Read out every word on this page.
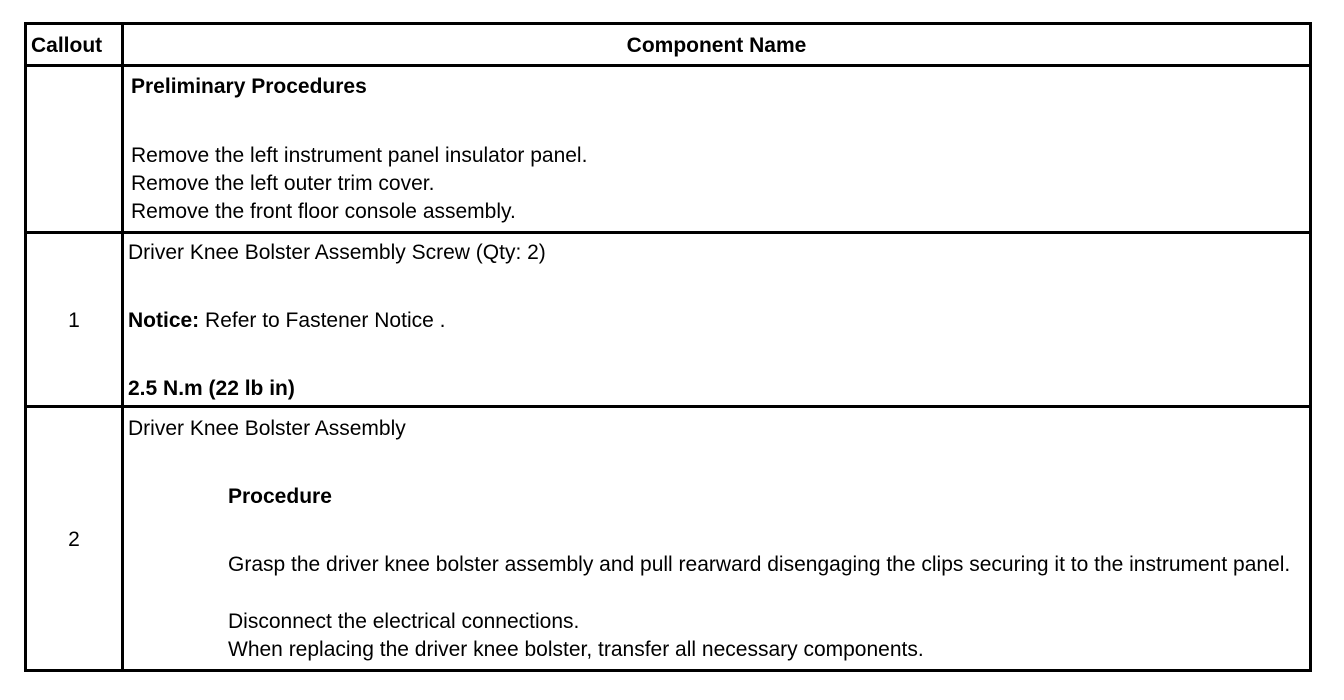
Callout	Component Name
Preliminary Procedures
Remove the left instrument panel insulator panel.
Remove the left outer trim cover.
Remove the front floor console assembly.
1
Driver Knee Bolster Assembly Screw (Qty: 2)
Notice: Refer to Fastener Notice .
2.5 N.m (22 lb in)
2
Driver Knee Bolster Assembly
Procedure
Grasp the driver knee bolster assembly and pull rearward disengaging the clips securing it to the instrument panel.
Disconnect the electrical connections.
When replacing the driver knee bolster, transfer all necessary components.
